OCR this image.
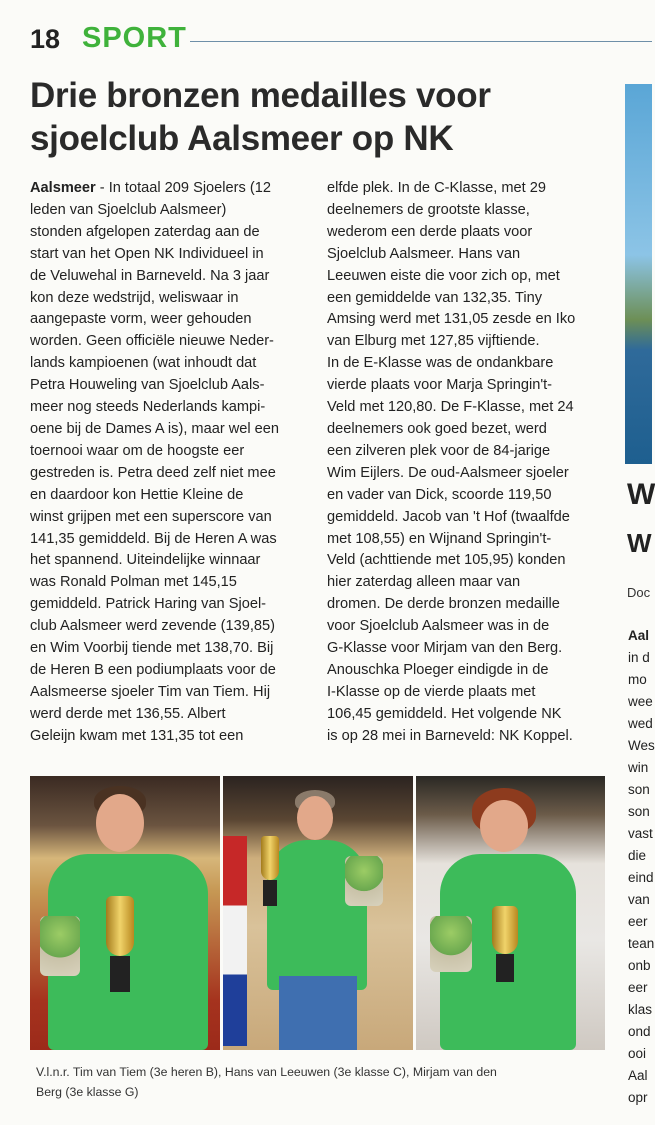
18 SPORT
Drie bronzen medailles voor
sjoelclub Aalsmeer op NK

Aalsmeer - In totaal 209 Sjoelers (12

leden van Sjoelclub Aalsmeer)

stonden afgelopen zaterdag aan de

start van het Open NK Individueel in

de Veluwehal in Barneveld. Na 3 jaar

kon deze wedstrijd, weliswaar in

aangepaste vorm, weer gehouden

worden. Geen officiële nieuwe Neder-

lands kampioenen (wat inhoudt dat

Petra Houweling van Sjoelclub Aals-

meer nog steeds Nederlands kampi-

oene bij de Dames A is), maar wel een

toernooi waar om de hoogste eer

gestreden is. Petra deed zelf niet mee

en daardoor kon Hettie Kleine de

winst grijpen met een superscore van

141,35 gemiddeld. Bij de Heren A was

het spannend. Uiteindelijke winnaar

was Ronald Polman met 145,15

gemiddeld. Patrick Haring van Sjoel-

club Aalsmeer werd zevende (139,85)

en Wim Voorbij tiende met 138,70. Bij

de Heren B een podiumplaats voor de

Aalsmeerse sjoeler Tim van Tiem. Hij

werd derde met 136,55. Albert

Geleijn kwam met 131,35 tot een

elfde plek. In de C-Klasse, met 29

deelnemers de grootste klasse,

wederom een derde plaats voor

Sjoelclub Aalsmeer. Hans van

Leeuwen eiste die voor zich op, met

een gemiddelde van 132,35. Tiny

Amsing werd met 131,05 zesde en Iko

van Elburg met 127,85 vijftiende.

In de E-Klasse was de ondankbare

vierde plaats voor Marja Springin't-

Veld met 120,80. De F-Klasse, met 24

deelnemers ook goed bezet, werd

een zilveren plek voor de 84-jarige

Wim Eijlers. De oud-Aalsmeer sjoeler

en vader van Dick, scoorde 119,50

gemiddeld. Jacob van 't Hof (twaalfde

met 108,55) en Wijnand Springin't-

Veld (achttiende met 105,95) konden

hier zaterdag alleen maar van

dromen. De derde bronzen medaille

voor Sjoelclub Aalsmeer was in de

G-Klasse voor Mirjam van den Berg.

Anouschka Ploeger eindigde in de

I-Klasse op de vierde plaats met

106,45 gemiddeld. Het volgende NK

is op 28 mei in Barneveld: NK Koppel.

W
W
Doc
Aal
in d
mo
wee
wed
Wes
win
son
son
vast
die
eind
van
eer
tean
onb
eer
klas
ond
ooi
Aal
opr
V.l.n.r. Tim van Tiem (3e heren B), Hans van Leeuwen (3e klasse C), Mirjam van den
Berg (3e klasse G)
